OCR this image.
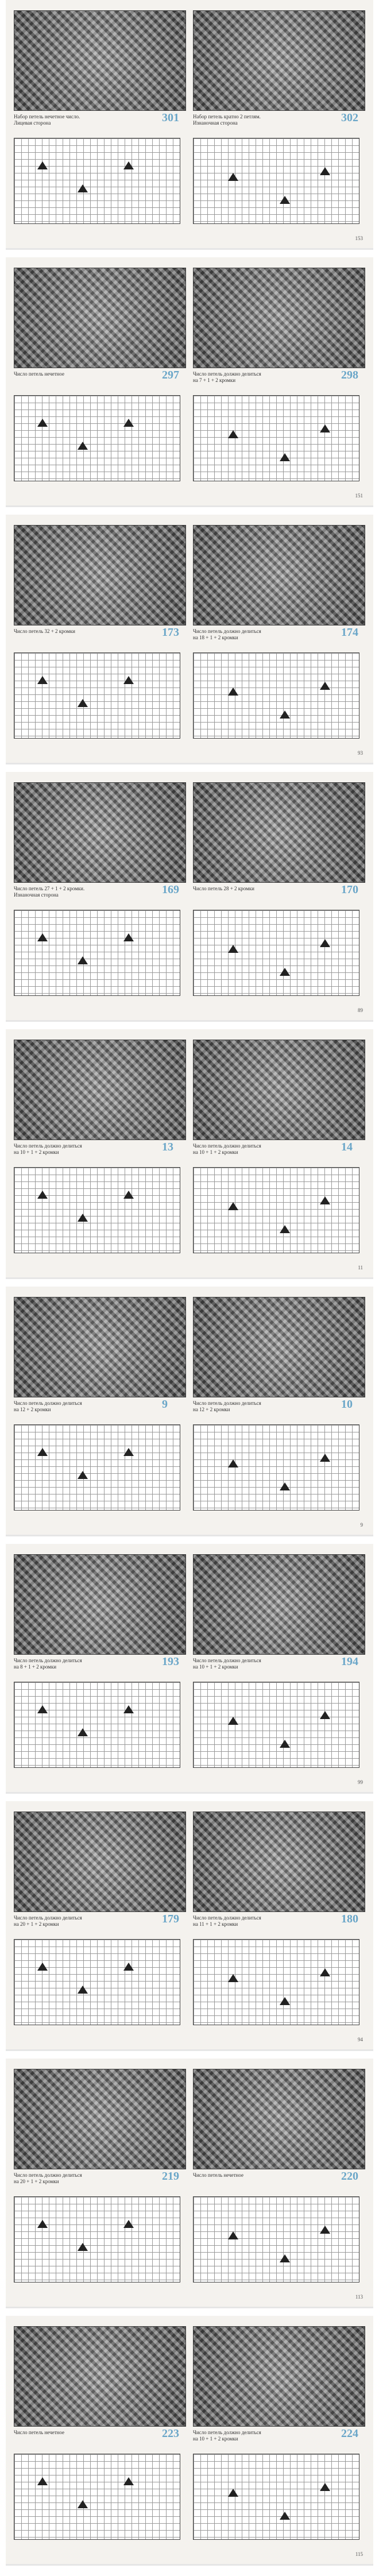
Набор петель нечетное число.
Лицевая сторона	301	Набор петель кратно 2 петлям.
Изнаночная сторона	302
153
Число петель нечетное	297	Число петель должно делиться
на 7 + 1 + 2 кромки	298
151
Число петель 32 + 2 кромки	173	Число петель должно делиться
на 18 + 1 + 2 кромки	174
93
Число петель 27 + 1 + 2 кромки.
Изнаночная сторона	169	Число петель 28 + 2 кромки	170
89
Число петель должно делиться
на 10 + 1 + 2 кромки	13	Число петель должно делиться
на 10 + 1 + 2 кромки	14
11
Число петель должно делиться
на 12 + 2 кромки	9	Число петель должно делиться
на 12 + 2 кромки	10
9
Число петель должно делиться
на 8 + 1 + 2 кромки	193	Число петель должно делиться
на 10 + 1 + 2 кромки	194
99
Число петель должно делиться
на 20 + 1 + 2 кромки	179	Число петель должно делиться
на 11 + 1 + 2 кромки	180
94
Число петель должно делиться
на 20 + 1 + 2 кромки	219	Число петель нечетное	220
113
Число петель нечетное	223	Число петель должно делиться
на 10 + 1 + 2 кромки	224
115
